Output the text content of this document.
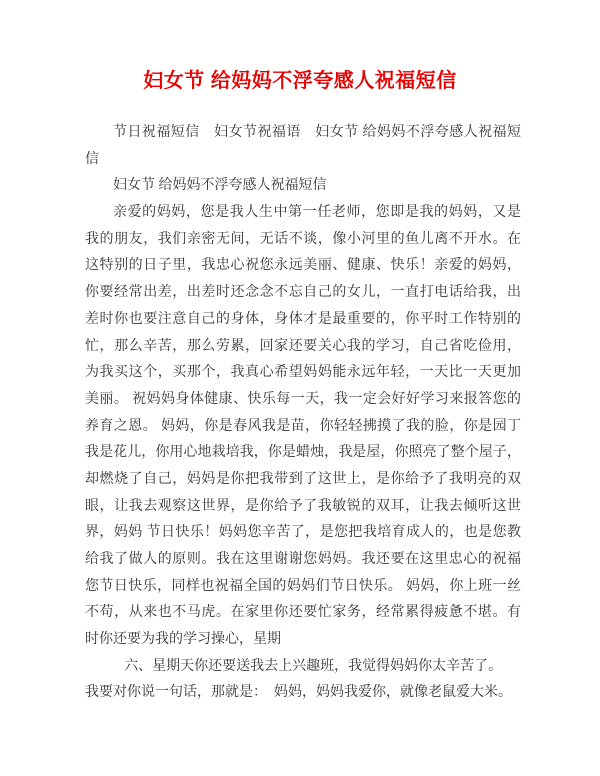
妇女节 给妈妈不浮夸感人祝福短信
节日祝福短信　妇女节祝福语　妇女节 给妈妈不浮夸感人祝福短
信
妇女节 给妈妈不浮夸感人祝福短信
亲爱的妈妈，您是我人生中第一任老师，您即是我的妈妈，又是
我的朋友，我们亲密无间，无话不谈，像小河里的鱼儿离不开水。在
这特别的日子里，我忠心祝您永远美丽、健康、快乐！亲爱的妈妈，
你要经常出差，出差时还念念不忘自己的女儿，一直打电话给我，出
差时你也要注意自己的身体，身体才是最重要的，你平时工作特别的
忙，那么辛苦，那么劳累，回家还要关心我的学习，自己省吃俭用，
为我买这个，买那个，我真心希望妈妈能永远年轻，一天比一天更加
美丽。 祝妈妈身体健康、快乐每一天，我一定会好好学习来报答您的
养育之恩。 妈妈，你是春风我是苗，你轻轻拂摸了我的脸，你是园丁
我是花儿，你用心地栽培我，你是蜡烛，我是屋，你照亮了整个屋子，
却燃烧了自己，妈妈是你把我带到了这世上，是你给予了我明亮的双
眼，让我去观察这世界，是你给予了我敏锐的双耳，让我去倾听这世
界，妈妈 节日快乐！妈妈您辛苦了，是您把我培育成人的，也是您教
给我了做人的原则。我在这里谢谢您妈妈。我还要在这里忠心的祝福
您节日快乐，同样也祝福全国的妈妈们节日快乐。 妈妈，你上班一丝
不苟，从来也不马虎。在家里你还要忙家务，经常累得疲惫不堪。有
时你还要为我的学习操心，星期
六、星期天你还要送我去上兴趣班，我觉得妈妈你太辛苦了。
我要对你说一句话，那就是：　妈妈，妈妈我爱你，就像老鼠爱大米。
